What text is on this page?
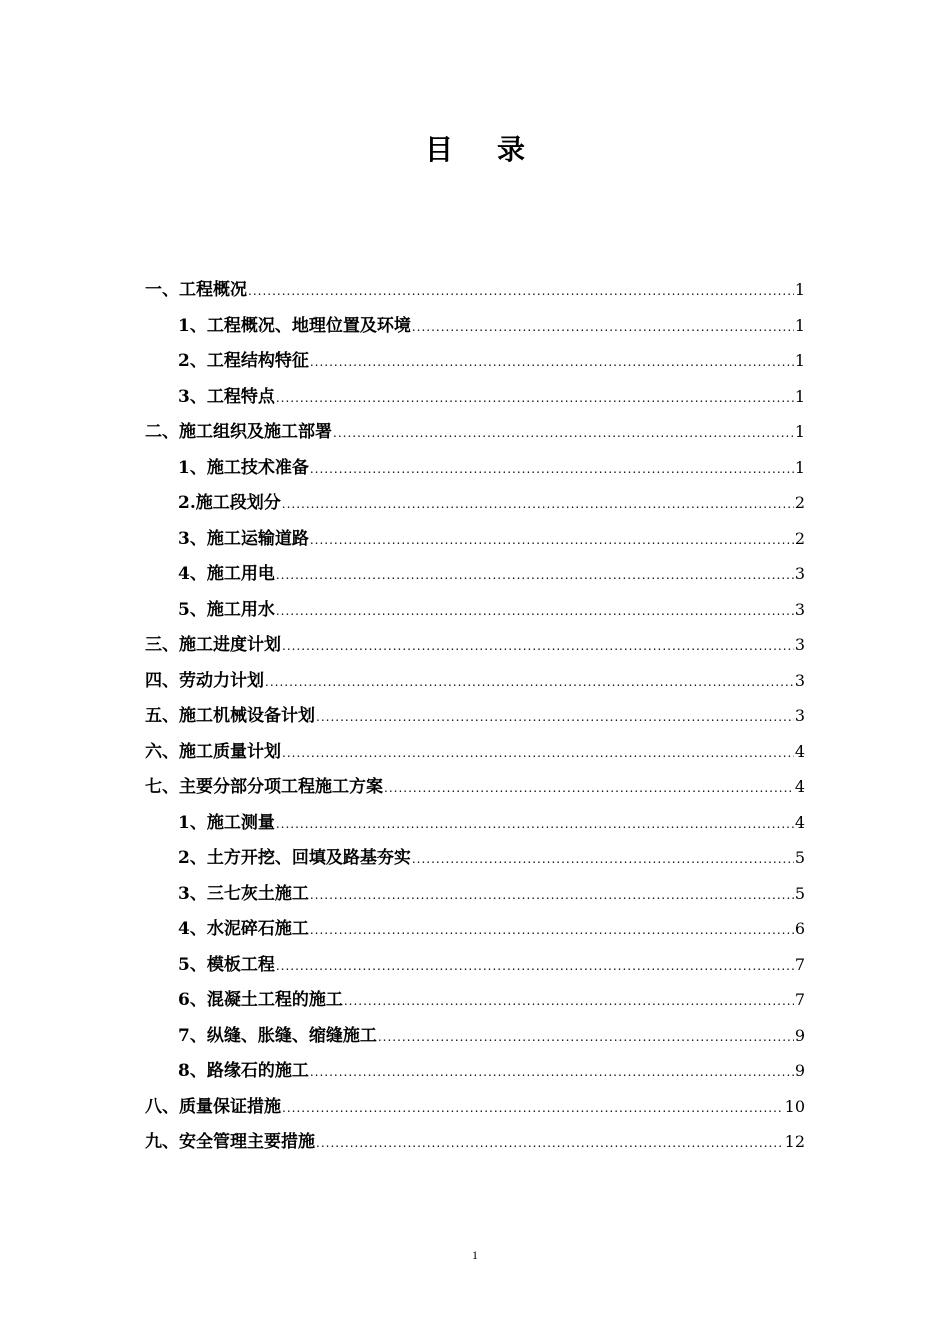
目录
一、工程概况 .....	1
1、工程概况、地理位置及环境 .....	1
2、工程结构特征 .....	1
3、工程特点 .....	1
二、施工组织及施工部署 .....	1
1、施工技术准备 .....	1
2.施工段划分 .....	2
3、施工运输道路 .....	2
4、施工用电 .....	3
5、施工用水 .....	3
三、施工进度计划 .....	3
四、劳动力计划 .....	3
五、施工机械设备计划 .....	3
六、施工质量计划 .....	4
七、主要分部分项工程施工方案 .....	4
1、施工测量 .....	4
2、土方开挖、回填及路基夯实 .....	5
3、三七灰土施工 .....	5
4、水泥碎石施工 .....	6
5、模板工程 .....	7
6、混凝土工程的施工 .....	7
7、纵缝、胀缝、缩缝施工 .....	9
8、路缘石的施工 .....	9
八、质量保证措施 .....	10
九、安全管理主要措施 .....	12
1
